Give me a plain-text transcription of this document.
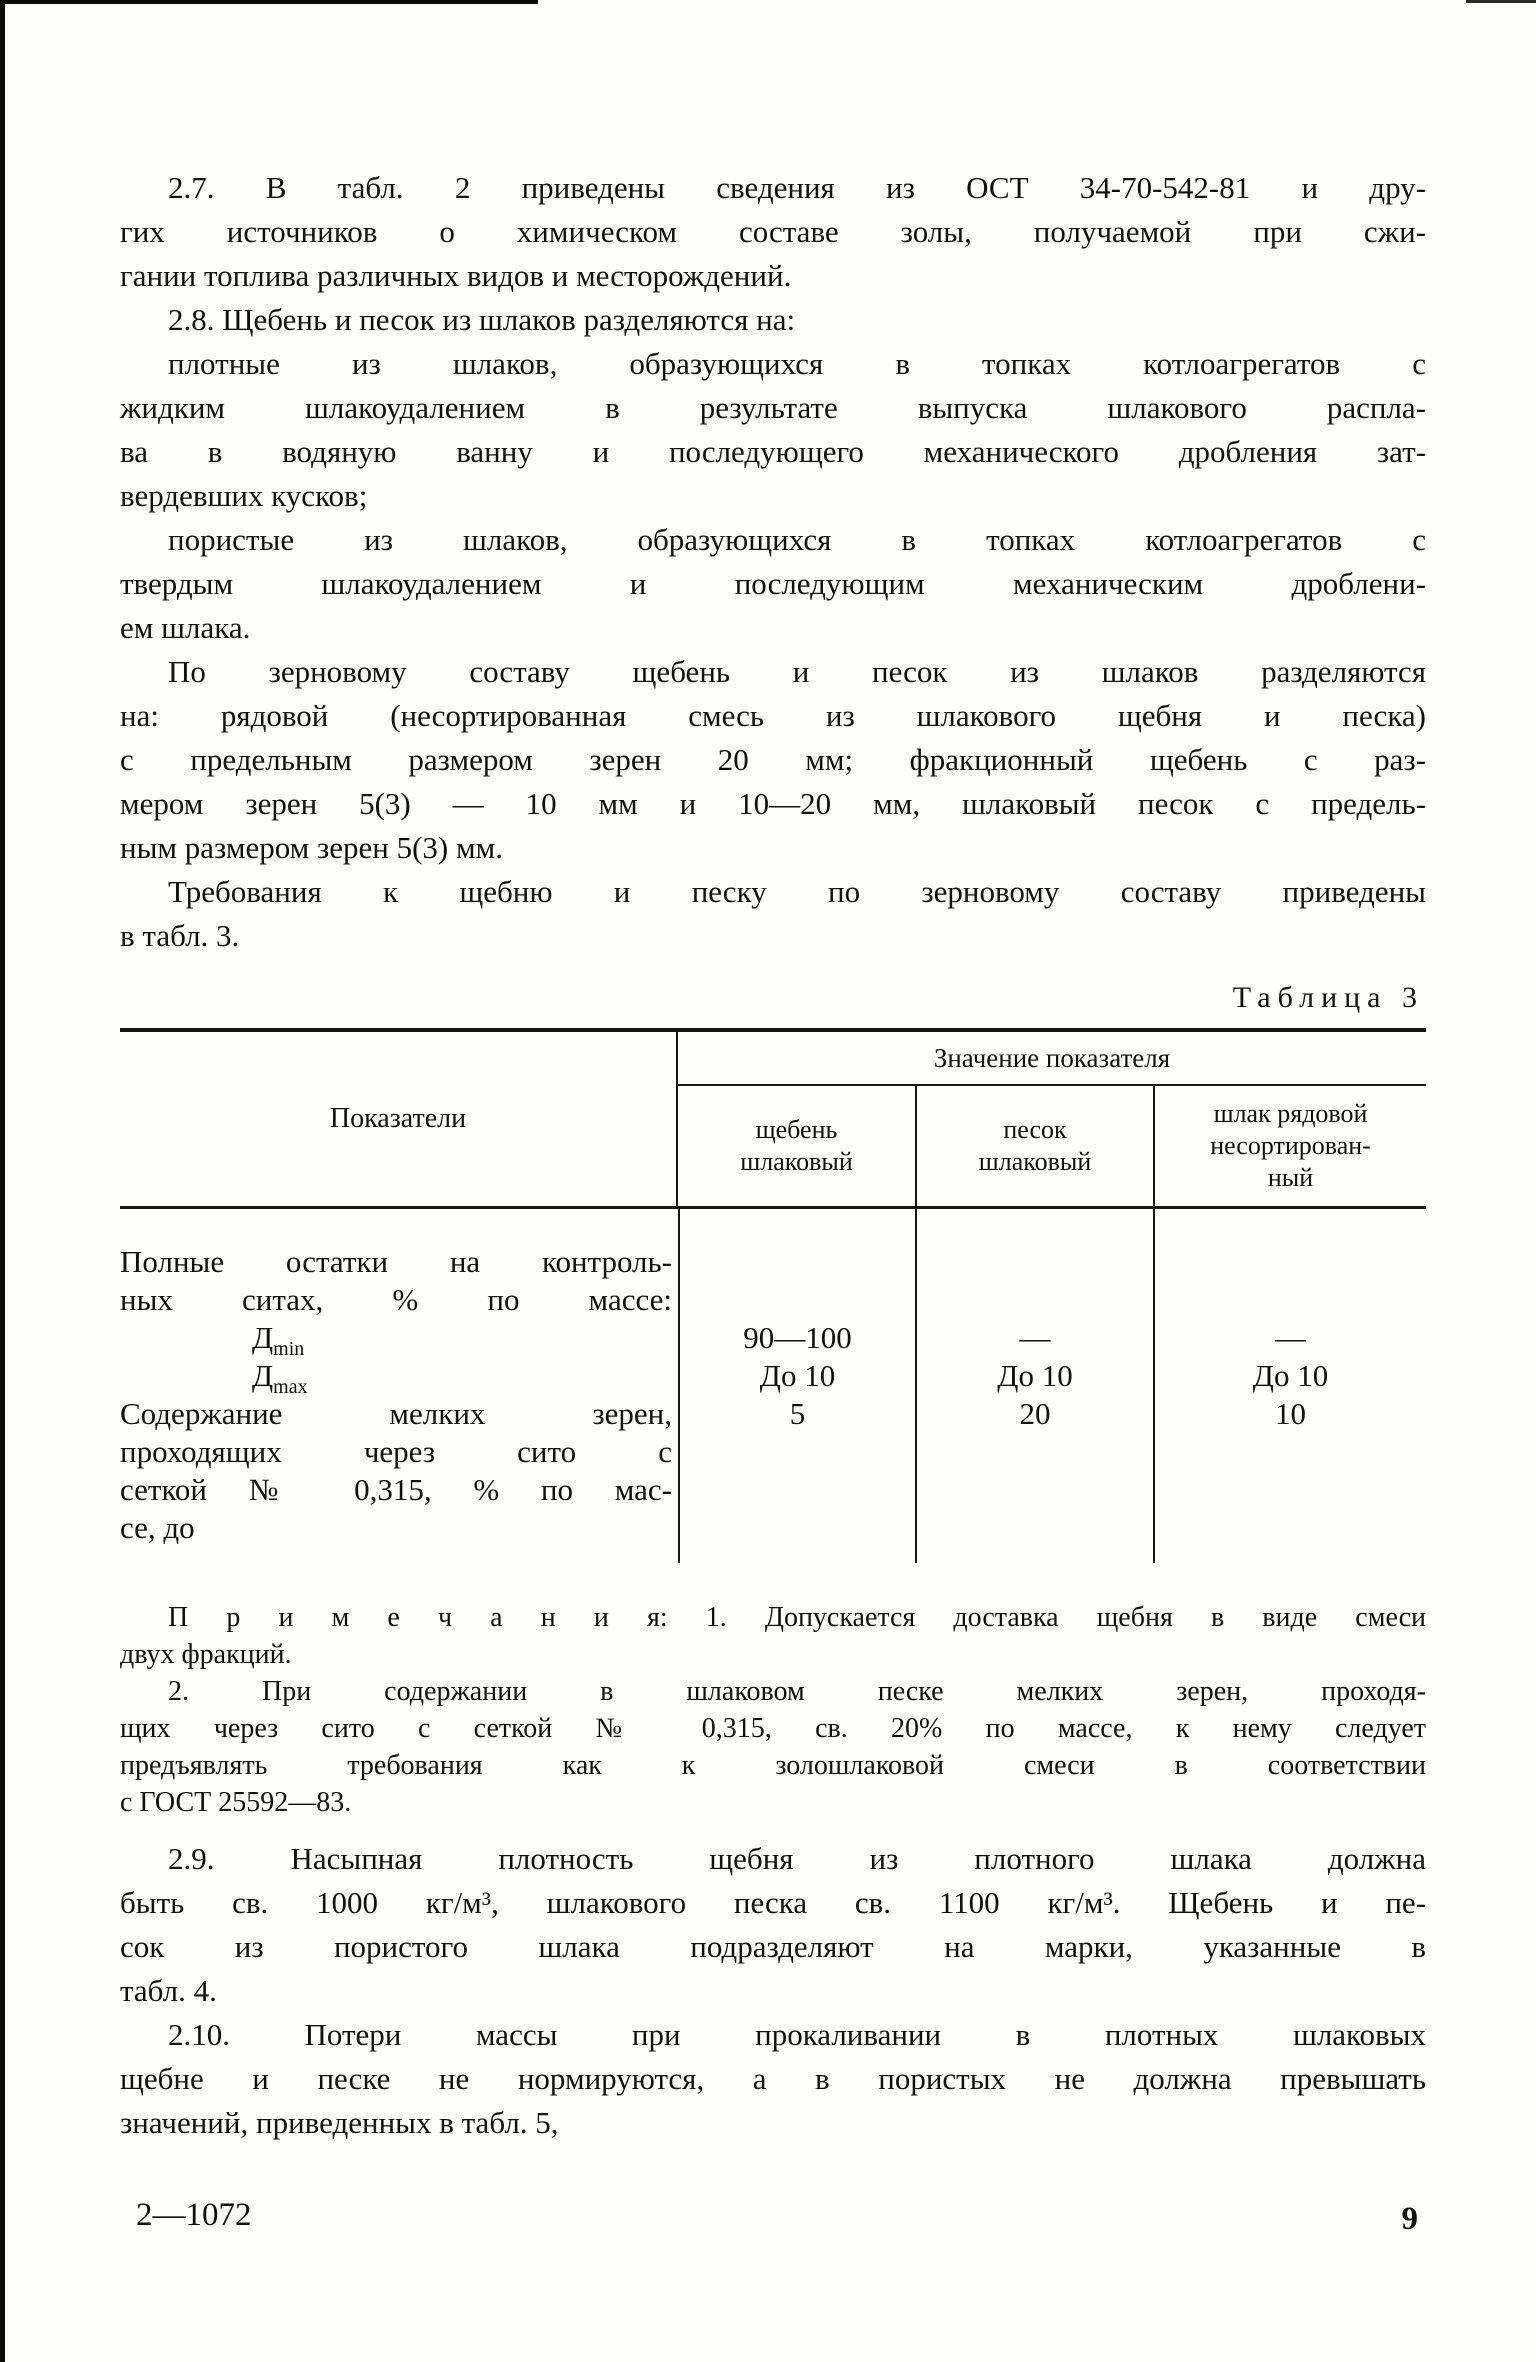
2.7. В табл. 2 приведены сведения из ОСТ 34-70-542-81 и дру-
гих источников о химическом составе золы, получаемой при сжи-
гании топлива различных видов и месторождений.
2.8. Щебень и песок из шлаков разделяются на:
плотные из шлаков, образующихся в топках котлоагрегатов с
жидким шлакоудалением в результате выпуска шлакового распла-
ва в водяную ванну и последующего механического дробления зат-
вердевших кусков;
пористые из шлаков, образующихся в топках котлоагрегатов с
твердым шлакоудалением и последующим механическим дроблени-
ем шлака.
По зерновому составу щебень и песок из шлаков разделяются
на: рядовой (несортированная смесь из шлакового щебня и песка)
с предельным размером зерен 20 мм; фракционный щебень с раз-
мером зерен 5(3) — 10 мм и 10—20 мм, шлаковый песок с предель-
ным размером зерен 5(3) мм.
Требования к щебню и песку по зерновому составу приведены
в табл. 3.
Таблица 3
Показатели
Значение показателя
щебень
шлаковый
песок
шлаковый
шлак рядовой
несортирован-
ный
Полные остатки на контроль-
ных ситах, % по массе:
$Д_{min}$
$Д_{max}$
Содержание мелких зерен,
проходящих через сито с
сеткой № 0,315, % по мас-
се, до
90—100
До 10
5
—
До 10
20
—
До 10
10
П р и м е ч а н и я: 1. Допускается доставка щебня в виде смеси
двух фракций.
2. При содержании в шлаковом песке мелких зерен, проходя-
щих через сито с сеткой № 0,315, св. 20% по массе, к нему следует
предъявлять требования как к золошлаковой смеси в соответствии
с ГОСТ 25592—83.
2.9. Насыпная плотность щебня из плотного шлака должна
быть св. 1000 кг/м³, шлакового песка св. 1100 кг/м³. Щебень и пе-
сок из пористого шлака подразделяют на марки, указанные в
табл. 4.
2.10. Потери массы при прокаливании в плотных шлаковых
щебне и песке не нормируются, а в пористых не должна превышать
значений, приведенных в табл. 5,
2—1072	9
